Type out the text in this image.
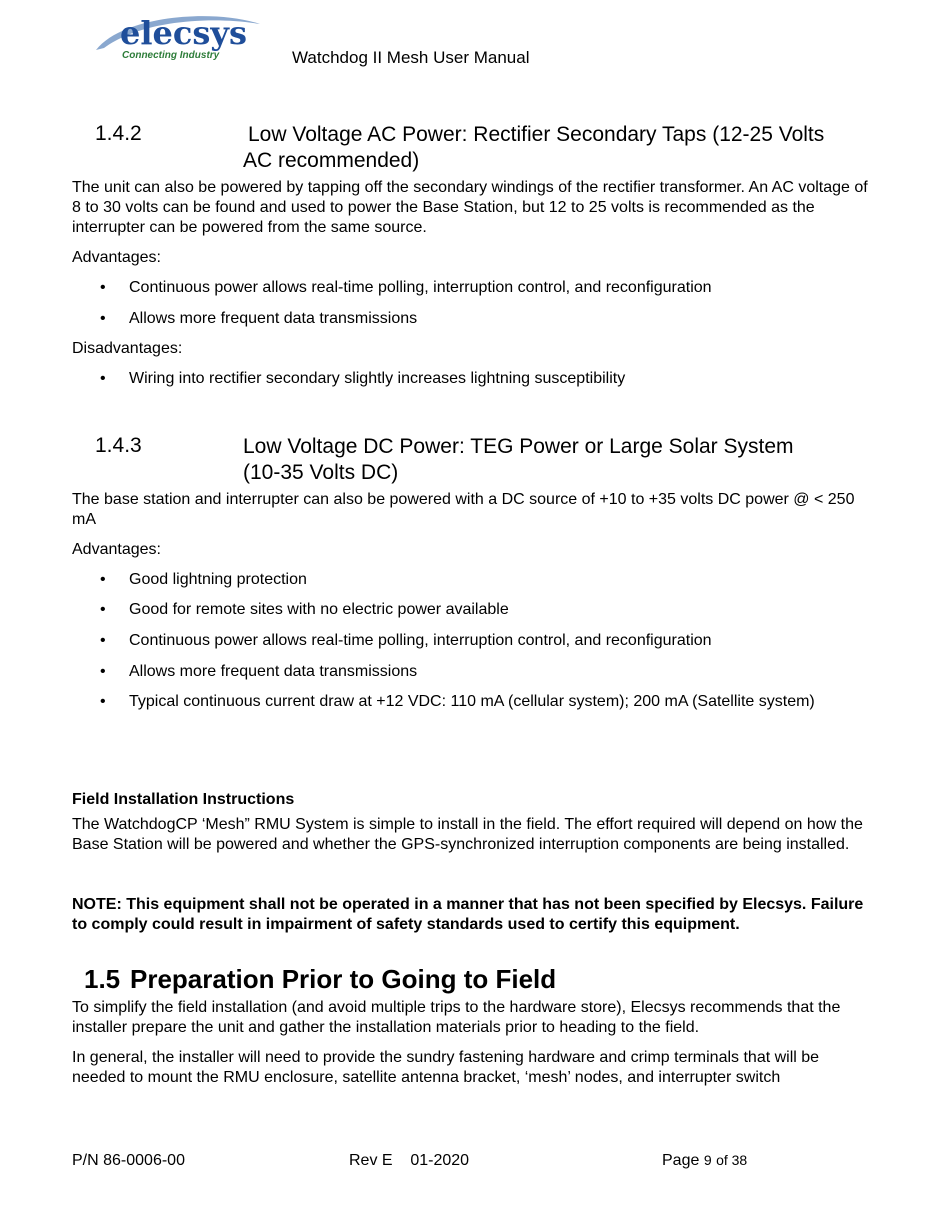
elecsys
Connecting Industry	Watchdog II Mesh User Manual
1.4.2	Low Voltage AC Power: Rectifier Secondary Taps (12-25 Volts
AC recommended)
The unit can also be powered by tapping off the secondary windings of the rectifier transformer. An AC voltage of 8 to 30 volts can be found and used to power the Base Station, but 12 to 25 volts is recommended as the interrupter can be powered from the same source.
Advantages:
• Continuous power allows real-time polling, interruption control, and reconfiguration
• Allows more frequent data transmissions
Disadvantages:
• Wiring into rectifier secondary slightly increases lightning susceptibility
1.4.3	Low Voltage DC Power: TEG Power or Large Solar System
(10-35 Volts DC)
The base station and interrupter can also be powered with a DC source of +10 to +35 volts DC power @ < 250 mA
Advantages:
• Good lightning protection
• Good for remote sites with no electric power available
• Continuous power allows real-time polling, interruption control, and reconfiguration
• Allows more frequent data transmissions
• Typical continuous current draw at +12 VDC: 110 mA (cellular system); 200 mA (Satellite system)
Field Installation Instructions
The WatchdogCP ‘Mesh” RMU System is simple to install in the field. The effort required will depend on how the Base Station will be powered and whether the GPS-synchronized interruption components are being installed.
NOTE: This equipment shall not be operated in a manner that has not been specified by Elecsys. Failure to comply could result in impairment of safety standards used to certify this equipment.
1.5 Preparation Prior to Going to Field
To simplify the field installation (and avoid multiple trips to the hardware store), Elecsys recommends that the installer prepare the unit and gather the installation materials prior to heading to the field.
In general, the installer will need to provide the sundry fastening hardware and crimp terminals that will be needed to mount the RMU enclosure, satellite antenna bracket, ‘mesh’ nodes, and interrupter switch
P/N 86-0006-00	Rev E    01-2020	Page 9 of 38
